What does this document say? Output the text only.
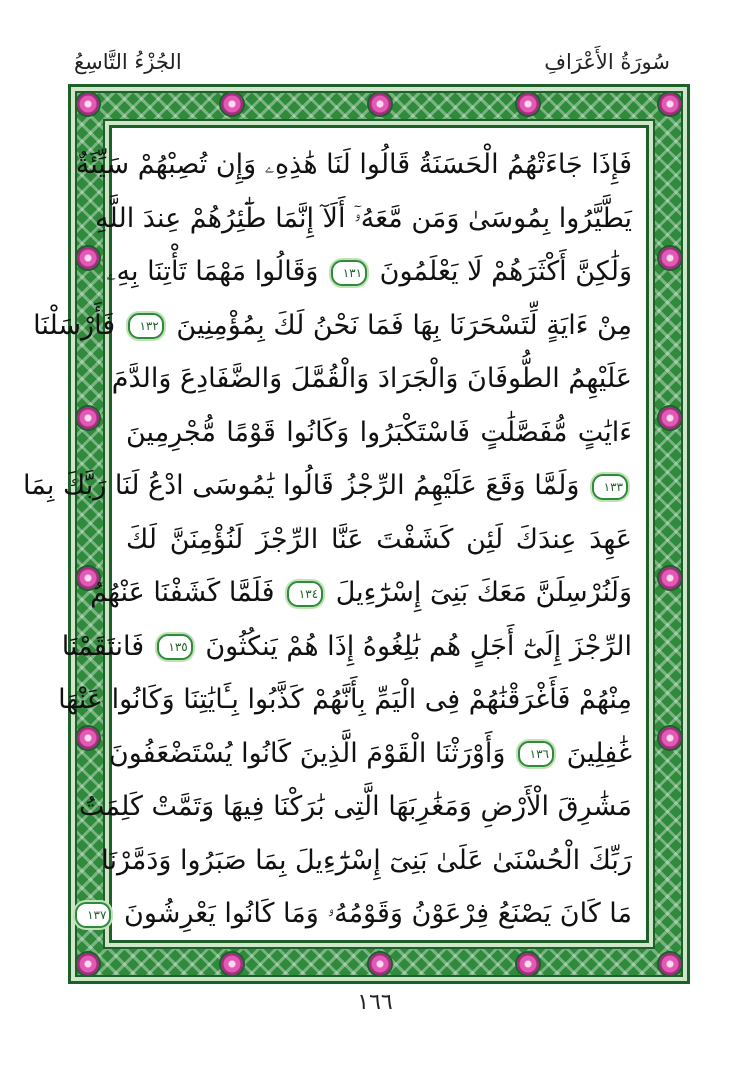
الجُزْءُ التَّاسِعُ	سُورَةُ الأَعْرَافِ
فَإِذَا جَاءَتْهُمُ الْحَسَنَةُ قَالُوا لَنَا هَٰذِهِۦ وَإِن تُصِبْهُمْ سَيِّئَةٌ
يَطَّيَّرُوا بِمُوسَىٰ وَمَن مَّعَهُۥٓ أَلَآ إِنَّمَا طَٰٓئِرُهُمْ عِندَ اللَّهِ
وَلَٰكِنَّ أَكْثَرَهُمْ لَا يَعْلَمُونَ ١٣١ وَقَالُوا مَهْمَا تَأْتِنَا بِهِۦ
مِنْ ءَايَةٍ لِّتَسْحَرَنَا بِهَا فَمَا نَحْنُ لَكَ بِمُؤْمِنِينَ ١٣٢ فَأَرْسَلْنَا
عَلَيْهِمُ الطُّوفَانَ وَالْجَرَادَ وَالْقُمَّلَ وَالضَّفَادِعَ وَالدَّمَ
ءَايَٰتٍ مُّفَصَّلَٰتٍ فَاسْتَكْبَرُوا وَكَانُوا قَوْمًا مُّجْرِمِينَ
١٣٣ وَلَمَّا وَقَعَ عَلَيْهِمُ الرِّجْزُ قَالُوا يَٰمُوسَى ادْعُ لَنَا رَبَّكَ بِمَا
عَهِدَ عِندَكَ لَئِن كَشَفْتَ عَنَّا الرِّجْزَ لَنُؤْمِنَنَّ لَكَ
وَلَنُرْسِلَنَّ مَعَكَ بَنِىٓ إِسْرَٰٓءِيلَ ١٣٤ فَلَمَّا كَشَفْنَا عَنْهُمُ
الرِّجْزَ إِلَىٰٓ أَجَلٍ هُم بَٰلِغُوهُ إِذَا هُمْ يَنكُثُونَ ١٣٥ فَانتَقَمْنَا
مِنْهُمْ فَأَغْرَقْنَٰهُمْ فِى الْيَمِّ بِأَنَّهُمْ كَذَّبُوا بِـَٔايَٰتِنَا وَكَانُوا عَنْهَا
غَٰفِلِينَ ١٣٦ وَأَوْرَثْنَا الْقَوْمَ الَّذِينَ كَانُوا يُسْتَضْعَفُونَ
مَشَٰرِقَ الْأَرْضِ وَمَغَٰرِبَهَا الَّتِى بَٰرَكْنَا فِيهَا وَتَمَّتْ كَلِمَتُ
رَبِّكَ الْحُسْنَىٰ عَلَىٰ بَنِىٓ إِسْرَٰٓءِيلَ بِمَا صَبَرُوا وَدَمَّرْنَا
مَا كَانَ يَصْنَعُ فِرْعَوْنُ وَقَوْمُهُۥ وَمَا كَانُوا يَعْرِشُونَ ١٣٧
١٦٦
